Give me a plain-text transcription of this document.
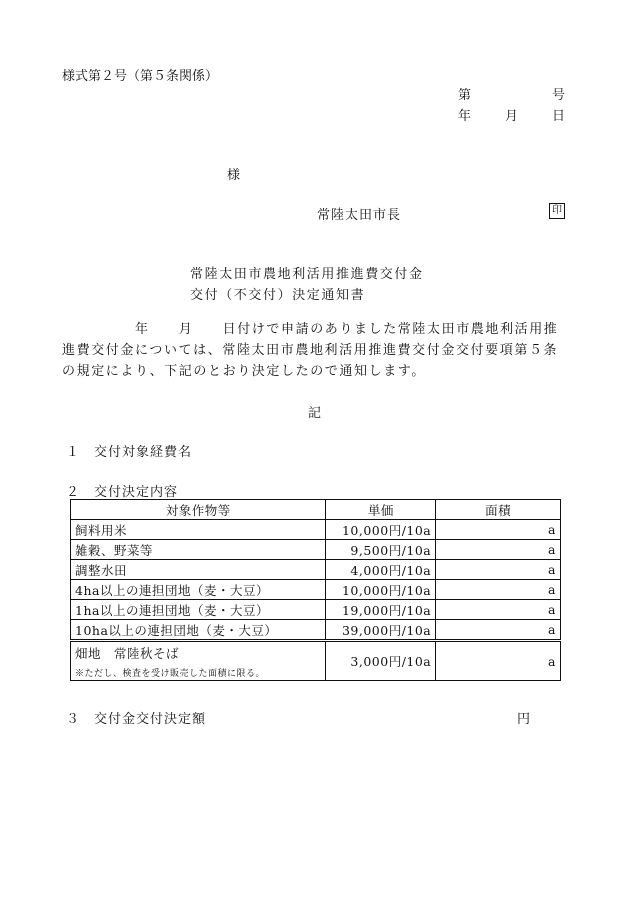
様式第２号（第５条関係）
第	号
年	月	日
様
常陸太田市長	印
常陸太田市農地利活用推進費交付金
交付（不交付）決定通知書
　　　　　年　　月　　日付けで申請のありました常陸太田市農地利活用推進費交付金については、常陸太田市農地利活用推進費交付金交付要項第５条の規定により、下記のとおり決定したので通知します。
記
１　交付対象経費名
２　交付決定内容
対象作物等	単価	面積
飼料用米	10,000円/10a	a
雑穀、野菜等	9,500円/10a	a
調整水田	4,000円/10a	a
4ha以上の連担団地（麦・大豆）	10,000円/10a	a
1ha以上の連担団地（麦・大豆）	19,000円/10a	a
10ha以上の連担団地（麦・大豆）	39,000円/10a	a
畑地　常陸秋そば
※ただし、検査を受け販売した面積に限る。	3,000円/10a	a
３　交付金交付決定額	円
